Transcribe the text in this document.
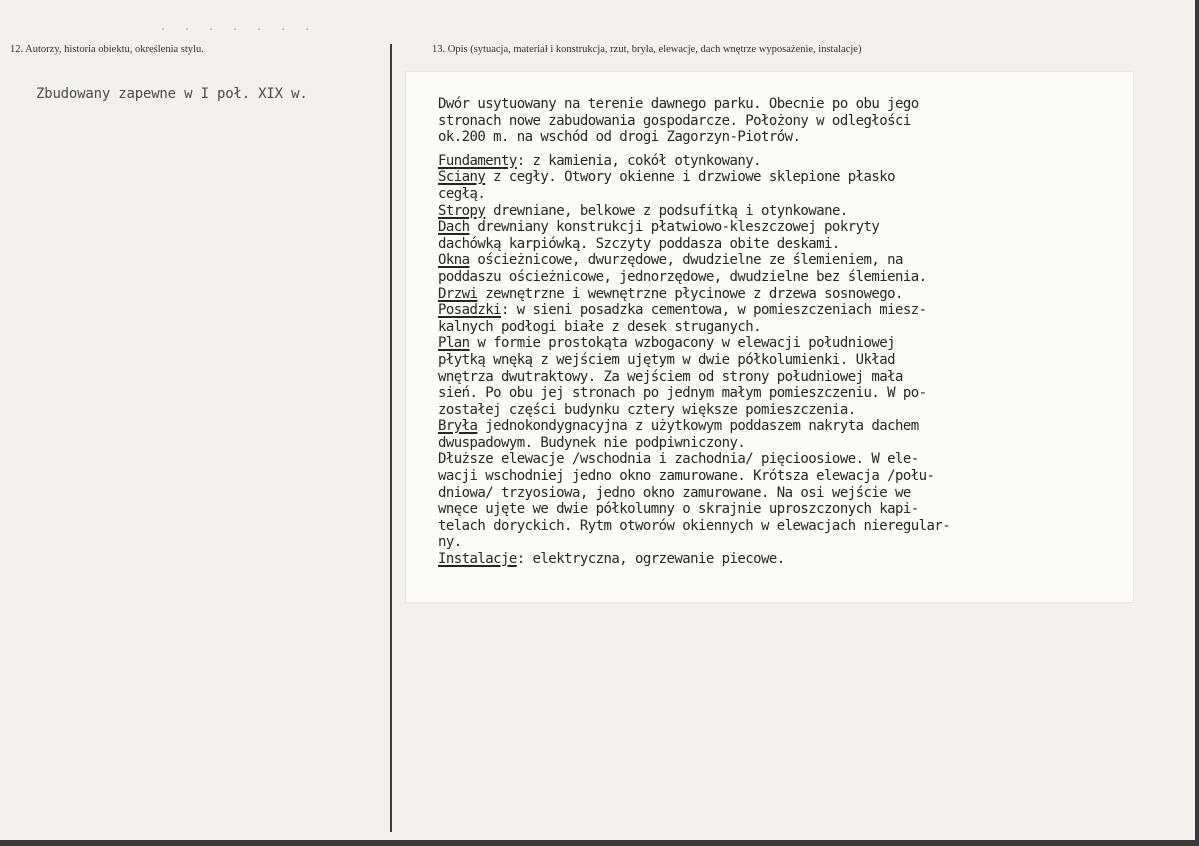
. . . . . . .
12. Autorzy, historia obiektu, określenia stylu.	13. Opis (sytuacja, materiał i konstrukcja, rzut, bryła, elewacje, dach wnętrze wyposażenie, instalacje)
Zbudowany zapewne w I poł. XIX w.
Dwór usytuowany na terenie dawnego parku. Obecnie po obu jego
stronach nowe zabudowania gospodarcze. Położony w odległości
ok.200 m. na wschód od drogi Zagorzyn-Piotrów.
Fundamenty: z kamienia, cokół otynkowany.
Ściany z cegły. Otwory okienne i drzwiowe sklepione płasko
cegłą.
Stropy drewniane, belkowe z podsufitką i otynkowane.
Dach drewniany konstrukcji płatwiowo-kleszczowej pokryty
dachówką karpiówką. Szczyty poddasza obite deskami.
Okna ościeżnicowe, dwurzędowe, dwudzielne ze ślemieniem, na
poddaszu ościeżnicowe, jednorzędowe, dwudzielne bez ślemienia.
Drzwi zewnętrzne i wewnętrzne płycinowe z drzewa sosnowego.
Posadzki: w sieni posadzka cementowa, w pomieszczeniach miesz-
kalnych podłogi białe z desek struganych.
Plan w formie prostokąta wzbogacony w elewacji południowej
płytką wnęką z wejściem ujętym w dwie półkolumienki. Układ
wnętrza dwutraktowy. Za wejściem od strony południowej mała
sień. Po obu jej stronach po jednym małym pomieszczeniu. W po-
zostałej części budynku cztery większe pomieszczenia.
Bryła jednokondygnacyjna z użytkowym poddaszem nakryta dachem
dwuspadowym. Budynek nie podpiwniczony.
Dłuższe elewacje /wschodnia i zachodnia/ pięcioosiowe. W ele-
wacji wschodniej jedno okno zamurowane. Krótsza elewacja /połu-
dniowa/ trzyosiowa, jedno okno zamurowane. Na osi wejście we
wnęce ujęte we dwie półkolumny o skrajnie uproszczonych kapi-
telach doryckich. Rytm otworów okiennych w elewacjach nieregular-
ny.
Instalacje: elektryczna, ogrzewanie piecowe.
